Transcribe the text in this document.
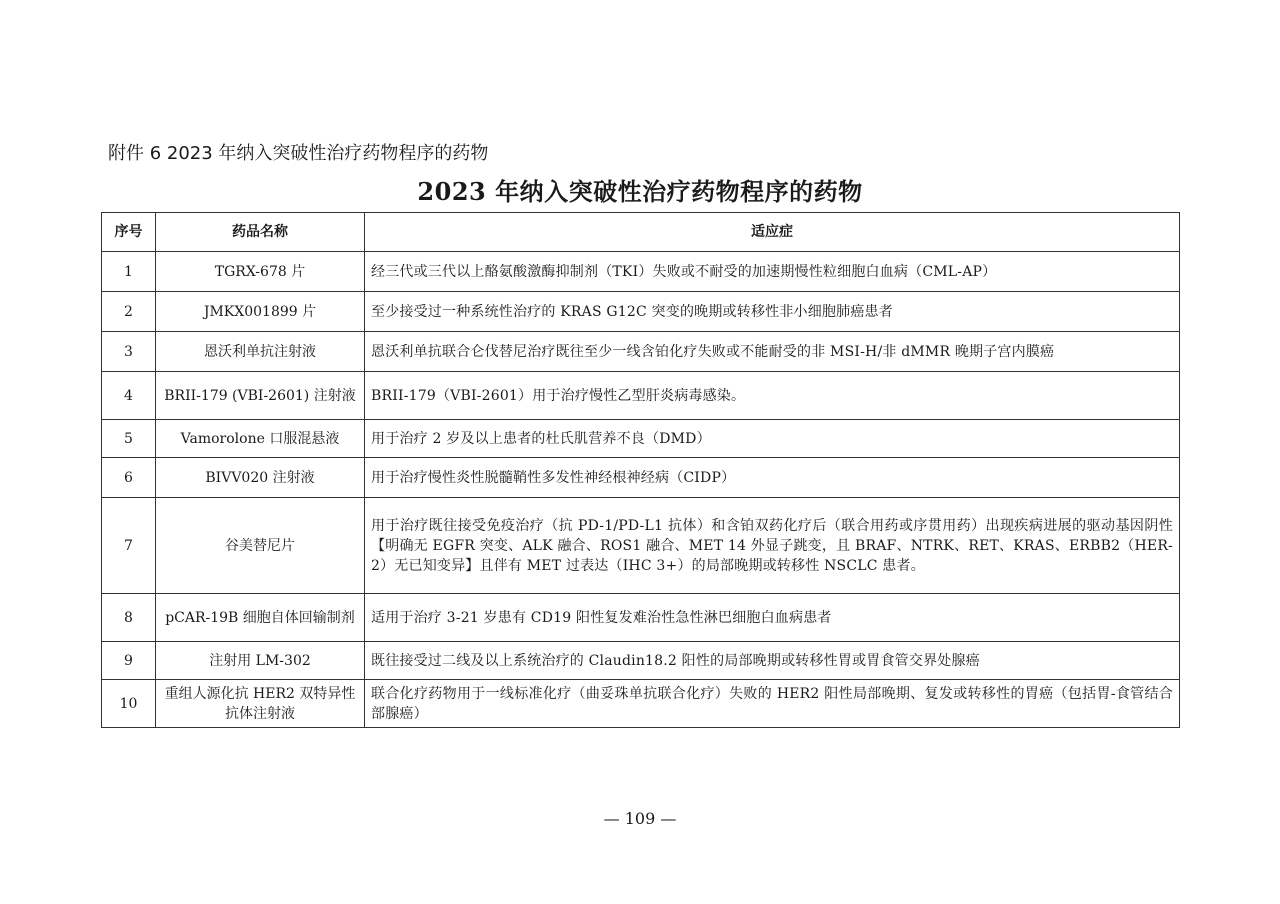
附件 6 2023 年纳入突破性治疗药物程序的药物
2023 年纳入突破性治疗药物程序的药物
序号	药品名称	适应症
1	TGRX-678 片	经三代或三代以上酪氨酸激酶抑制剂（TKI）失败或不耐受的加速期慢性粒细胞白血病（CML-AP）
2	JMKX001899 片	至少接受过一种系统性治疗的 KRAS G12C 突变的晚期或转移性非小细胞肺癌患者
3	恩沃利单抗注射液	恩沃利单抗联合仑伐替尼治疗既往至少一线含铂化疗失败或不能耐受的非 MSI-H/非 dMMR 晚期子宫内膜癌
4	BRII-179 (VBI-2601) 注射液	BRII-179（VBI-2601）用于治疗慢性乙型肝炎病毒感染。
5	Vamorolone 口服混悬液	用于治疗 2 岁及以上患者的杜氏肌营养不良（DMD）
6	BIVV020 注射液	用于治疗慢性炎性脱髓鞘性多发性神经根神经病（CIDP）
7	谷美替尼片	用于治疗既往接受免疫治疗（抗 PD-1/PD-L1 抗体）和含铂双药化疗后（联合用药或序贯用药）出现疾病进展的驱动基因阴性【明确无 EGFR 突变、ALK 融合、ROS1 融合、MET 14 外显子跳变，且 BRAF、NTRK、RET、KRAS、ERBB2（HER-2）无已知变异】且伴有 MET 过表达（IHC 3+）的局部晚期或转移性 NSCLC 患者。
8	pCAR-19B 细胞自体回输制剂	适用于治疗 3-21 岁患有 CD19 阳性复发难治性急性淋巴细胞白血病患者
9	注射用 LM-302	既往接受过二线及以上系统治疗的 Claudin18.2 阳性的局部晚期或转移性胃或胃食管交界处腺癌
10	重组人源化抗 HER2 双特异性抗体注射液	联合化疗药物用于一线标准化疗（曲妥珠单抗联合化疗）失败的 HER2 阳性局部晚期、复发或转移性的胃癌（包括胃-食管结合部腺癌）
— 109 —
